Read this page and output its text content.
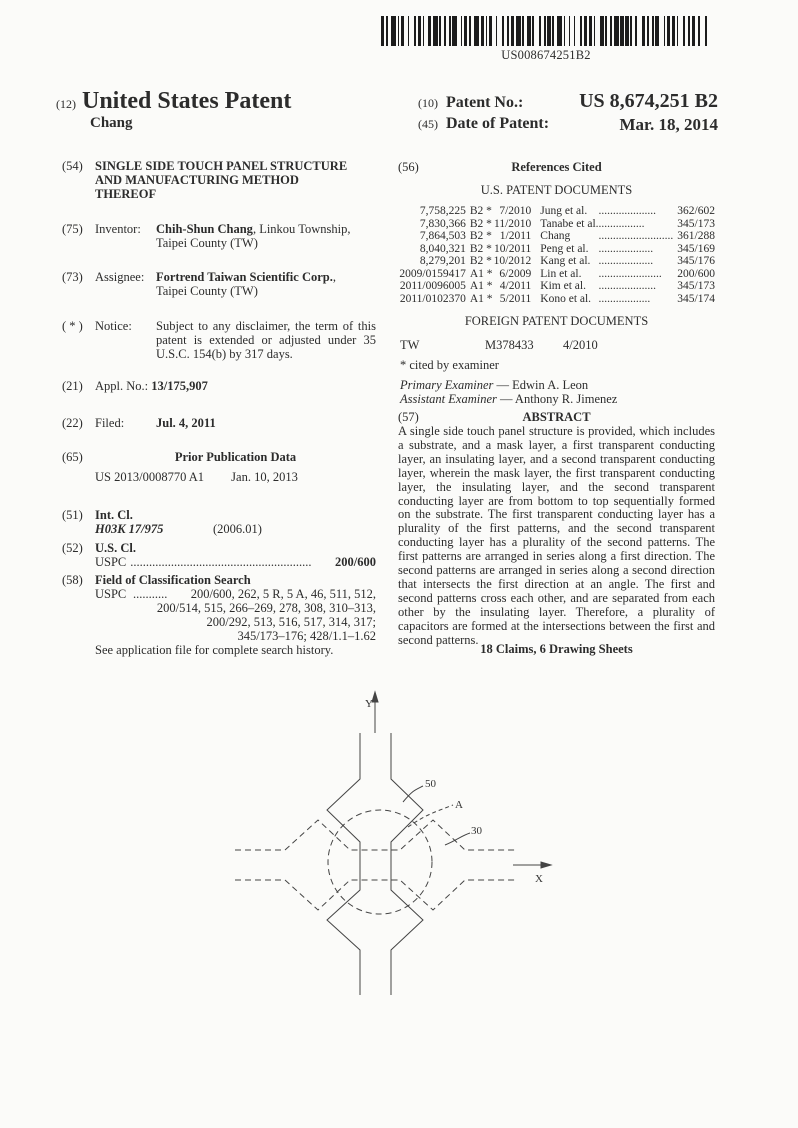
US008674251B2
(12) United States Patent
Chang
(10) Patent No.:	US 8,674,251 B2
(45) Date of Patent:	Mar. 18, 2014
(54) SINGLE SIDE TOUCH PANEL STRUCTURE AND MANUFACTURING METHOD THEREOF
(75) Inventor: Chih-Shun Chang, Linkou Township,
Taipei County (TW)
(73) Assignee: Fortrend Taiwan Scientific Corp.,
Taipei County (TW)
( * ) Notice: Subject to any disclaimer, the term of this patent is extended or adjusted under 35 U.S.C. 154(b) by 317 days.
(21) Appl. No.: 13/175,907
(22) Filed:	Jul. 4, 2011
(65)	Prior Publication Data
US 2013/0008770 A1 Jan. 10, 2013
(51) Int. Cl.
H03K 17/975	(2006.01)
(52) U.S. Cl.
USPC ..........................................................	200/600
(58) Field of Classification Search
USPC ...........	200/600, 262, 5 R, 5 A, 46, 511, 512,
200/514, 515, 266–269, 278, 308, 310–313,
200/292, 513, 516, 517, 314, 317;
345/173–176; 428/1.1–1.62
See application file for complete search history.
(56)	References Cited
U.S. PATENT DOCUMENTS
7,758,225	B2 *	7/2010	Jung et al.	....................	362/602
7,830,366	B2 *	11/2010	Tanabe et al.	................	345/173
7,864,503	B2 *	1/2011	Chang	..........................	361/288
8,040,321	B2 *	10/2011	Peng et al.	...................	345/169
8,279,201	B2 *	10/2012	Kang et al.	...................	345/176
2009/0159417	A1 *	6/2009	Lin et al.	......................	200/600
2011/0096005	A1 *	4/2011	Kim et al.	....................	345/173
2011/0102370	A1 *	5/2011	Kono et al.	..................	345/174
FOREIGN PATENT DOCUMENTS
TW	M378433 4/2010
* cited by examiner
Primary Examiner — Edwin A. Leon
Assistant Examiner — Anthony R. Jimenez
(57)	ABSTRACT
A single side touch panel structure is provided, which includes a substrate, and a mask layer, a first transparent conducting layer, an insulating layer, and a second transparent conducting layer, wherein the mask layer, the first transparent conducting layer, the insulating layer, and the second transparent conducting layer are from bottom to top sequentially formed on the substrate. The first transparent conducting layer has a plurality of the first patterns, and the second transparent conducting layer has a plurality of the second patterns. The first patterns are arranged in series along a first direction. The second patterns are arranged in series along a second direction that intersects the first direction at an angle. The first and second patterns cross each other, and are separated from each other by the insulating layer. Therefore, a plurality of capacitors are formed at the intersections between the first and second patterns.
18 Claims, 6 Drawing Sheets
Y
X
50
A
30
